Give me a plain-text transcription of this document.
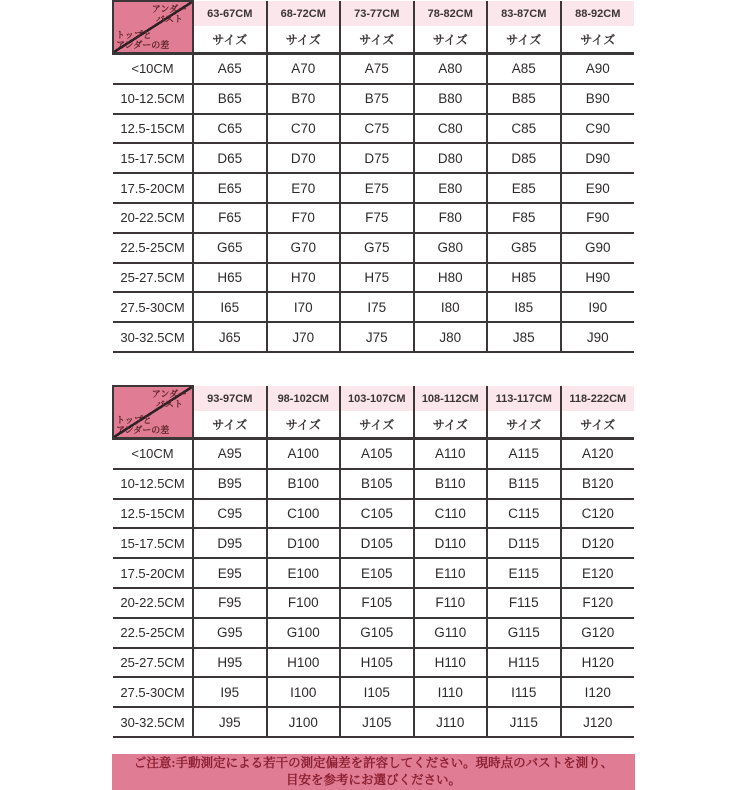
アンダー
バスト
トップと
アンダーの差	63-67CM	68-72CM	73-77CM	78-82CM	83-87CM	88-92CM
	サイズ	サイズ	サイズ	サイズ	サイズ	サイズ
<10CM	A65	A70	A75	A80	A85	A90
10-12.5CM	B65	B70	B75	B80	B85	B90
12.5-15CM	C65	C70	C75	C80	C85	C90
15-17.5CM	D65	D70	D75	D80	D85	D90
17.5-20CM	E65	E70	E75	E80	E85	E90
20-22.5CM	F65	F70	F75	F80	F85	F90
22.5-25CM	G65	G70	G75	G80	G85	G90
25-27.5CM	H65	H70	H75	H80	H85	H90
27.5-30CM	I65	I70	I75	I80	I85	I90
30-32.5CM	J65	J70	J75	J80	J85	J90
アンダー
バスト
トップと
アンダーの差	93-97CM	98-102CM	103-107CM	108-112CM	113-117CM	118-222CM
	サイズ	サイズ	サイズ	サイズ	サイズ	サイズ
<10CM	A95	A100	A105	A110	A115	A120
10-12.5CM	B95	B100	B105	B110	B115	B120
12.5-15CM	C95	C100	C105	C110	C115	C120
15-17.5CM	D95	D100	D105	D110	D115	D120
17.5-20CM	E95	E100	E105	E110	E115	E120
20-22.5CM	F95	F100	F105	F110	F115	F120
22.5-25CM	G95	G100	G105	G110	G115	G120
25-27.5CM	H95	H100	H105	H110	H115	H120
27.5-30CM	I95	I100	I105	I110	I115	I120
30-32.5CM	J95	J100	J105	J110	J115	J120
ご注意:手動測定による若干の測定偏差を許容してください。現時点のバストを測り、
目安を参考にお選びください。
